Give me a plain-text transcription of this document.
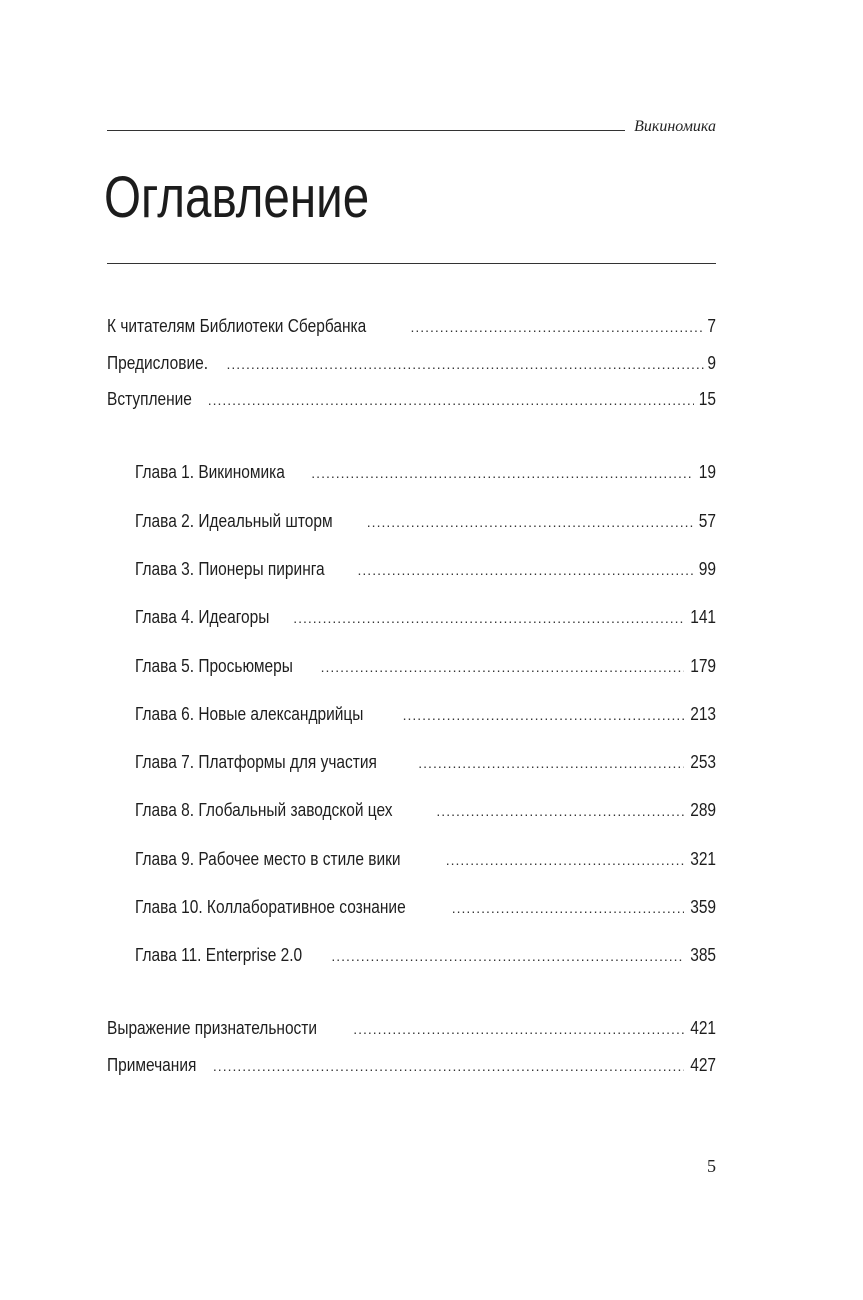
Викиномика
Оглавление
К читателям Библиотеки Сбербанка .....	7
Предисловие. .....	9
Вступление .....	15
Глава 1. Викиномика .....	19
Глава 2. Идеальный шторм .....	57
Глава 3. Пионеры пиринга .....	99
Глава 4. Идеагоры .....	141
Глава 5. Просьюмеры .....	179
Глава 6. Новые александрийцы .....	213
Глава 7. Платформы для участия .....	253
Глава 8. Глобальный заводской цех .....	289
Глава 9. Рабочее место в стиле вики .....	321
Глава 10. Коллаборативное сознание .....	359
Глава 11. Enterprise 2.0 .....	385
Выражение признательности .....	421
Примечания .....	427
5
